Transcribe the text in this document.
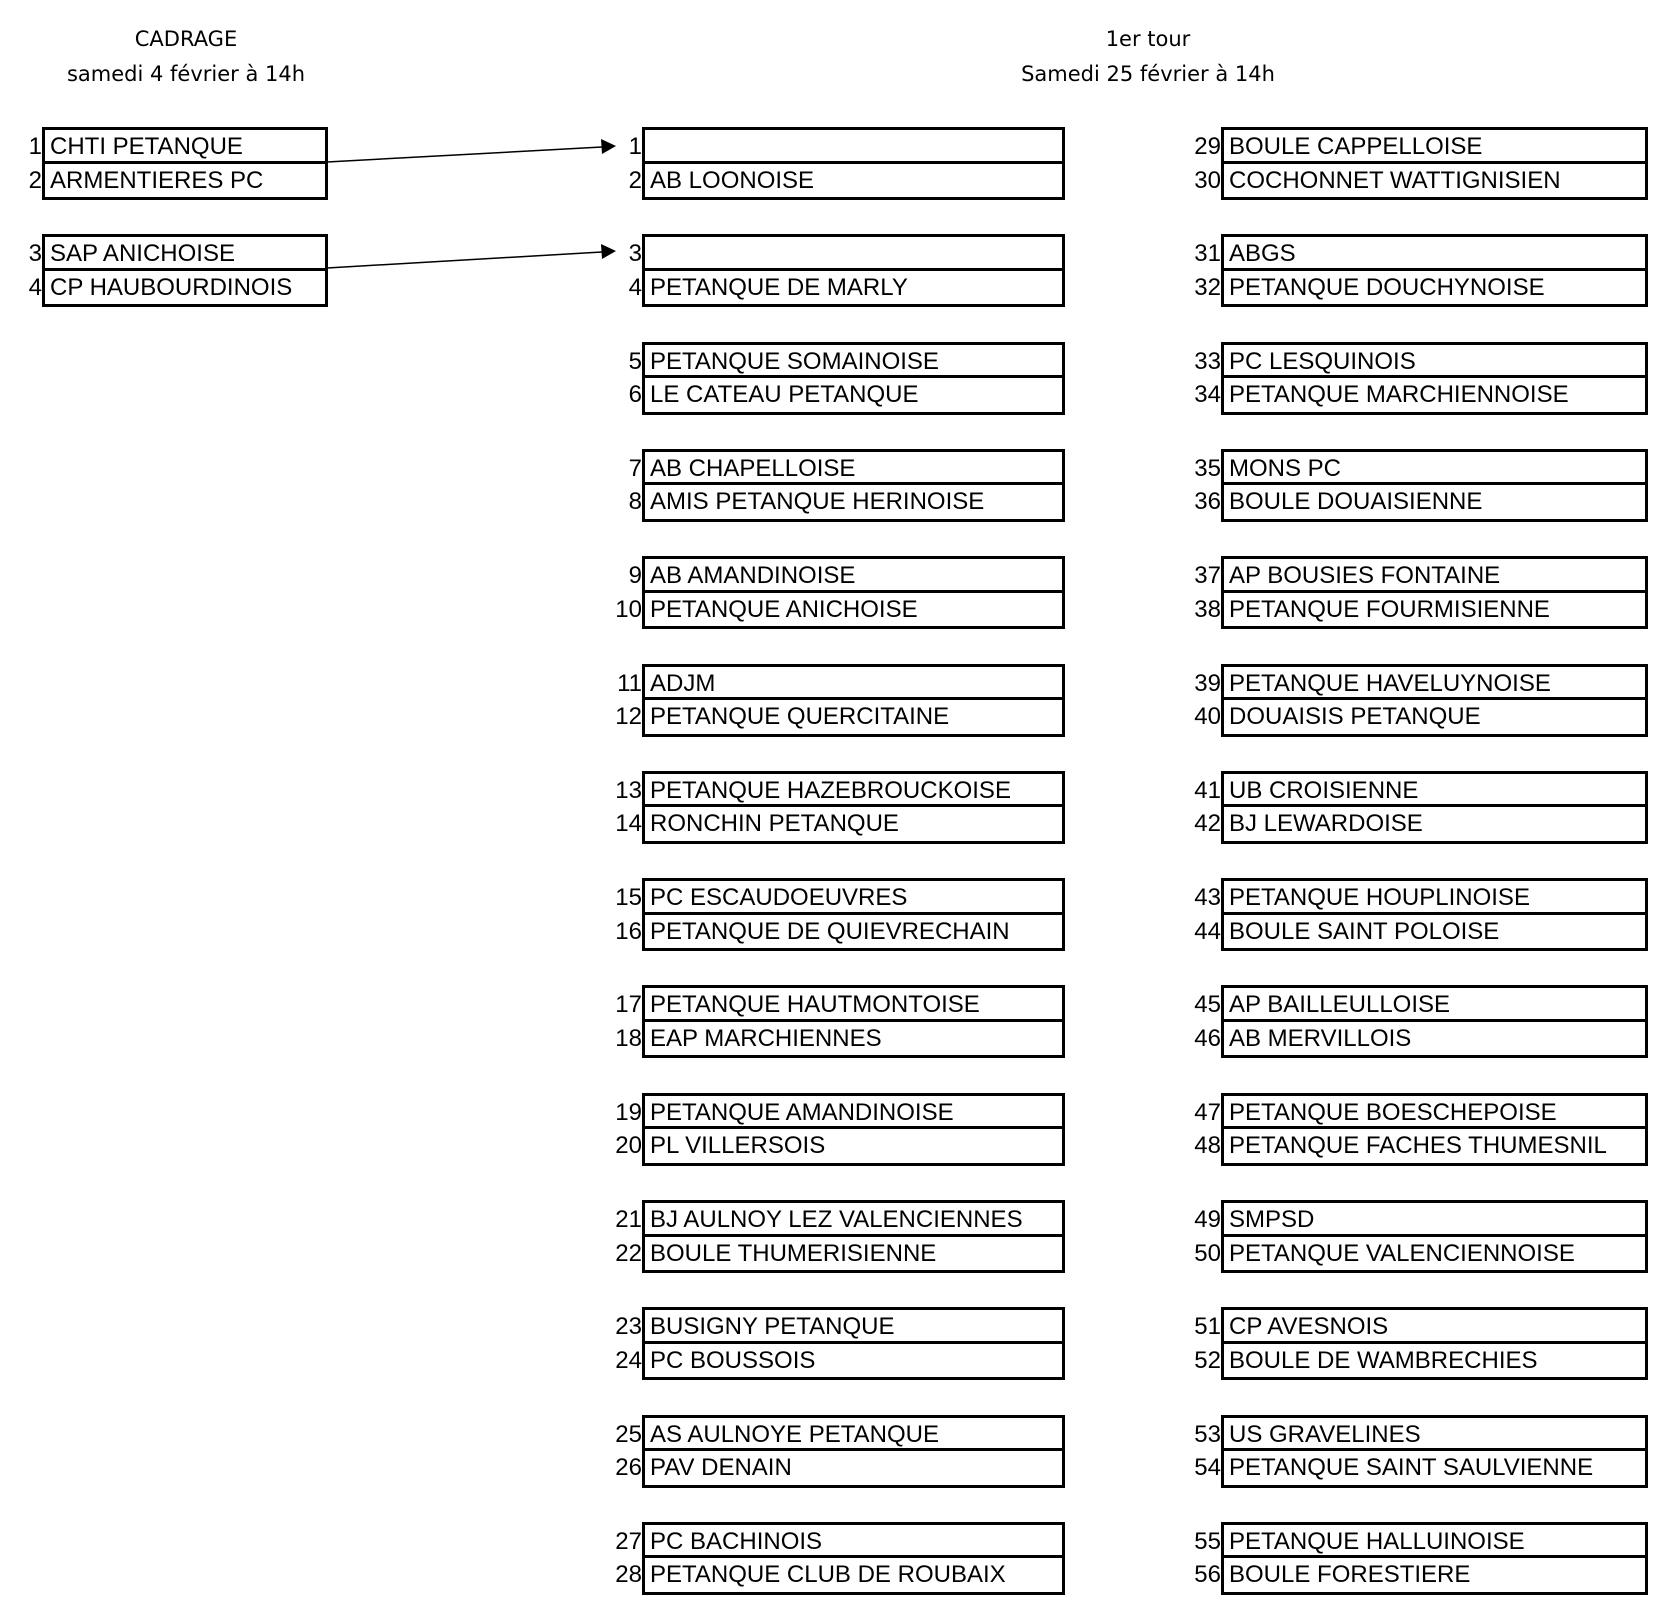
CADRAGE
samedi 4 février à 14h
1er tour
Samedi 25 février à 14h
1 CHTI PETANQUE
2 ARMENTIERES PC
3 SAP ANICHOISE
4 CP HAUBOURDINOIS
1
2 AB LOONOISE
3
4 PETANQUE DE MARLY
5 PETANQUE SOMAINOISE
6 LE CATEAU PETANQUE
7 AB CHAPELLOISE
8 AMIS PETANQUE HERINOISE
9 AB AMANDINOISE
10 PETANQUE ANICHOISE
11 ADJM
12 PETANQUE QUERCITAINE
13 PETANQUE HAZEBROUCKOISE
14 RONCHIN PETANQUE
15 PC ESCAUDOEUVRES
16 PETANQUE DE QUIEVRECHAIN
17 PETANQUE HAUTMONTOISE
18 EAP MARCHIENNES
19 PETANQUE AMANDINOISE
20 PL VILLERSOIS
21 BJ AULNOY LEZ VALENCIENNES
22 BOULE THUMERISIENNE
23 BUSIGNY PETANQUE
24 PC BOUSSOIS
25 AS AULNOYE PETANQUE
26 PAV DENAIN
27 PC BACHINOIS
28 PETANQUE CLUB DE ROUBAIX
29 BOULE CAPPELLOISE
30 COCHONNET WATTIGNISIEN
31 ABGS
32 PETANQUE DOUCHYNOISE
33 PC LESQUINOIS
34 PETANQUE MARCHIENNOISE
35 MONS PC
36 BOULE DOUAISIENNE
37 AP BOUSIES FONTAINE
38 PETANQUE FOURMISIENNE
39 PETANQUE HAVELUYNOISE
40 DOUAISIS PETANQUE
41 UB CROISIENNE
42 BJ LEWARDOISE
43 PETANQUE HOUPLINOISE
44 BOULE SAINT POLOISE
45 AP BAILLEULLOISE
46 AB MERVILLOIS
47 PETANQUE BOESCHEPOISE
48 PETANQUE FACHES THUMESNIL
49 SMPSD
50 PETANQUE VALENCIENNOISE
51 CP AVESNOIS
52 BOULE DE WAMBRECHIES
53 US GRAVELINES
54 PETANQUE SAINT SAULVIENNE
55 PETANQUE HALLUINOISE
56 BOULE FORESTIERE
